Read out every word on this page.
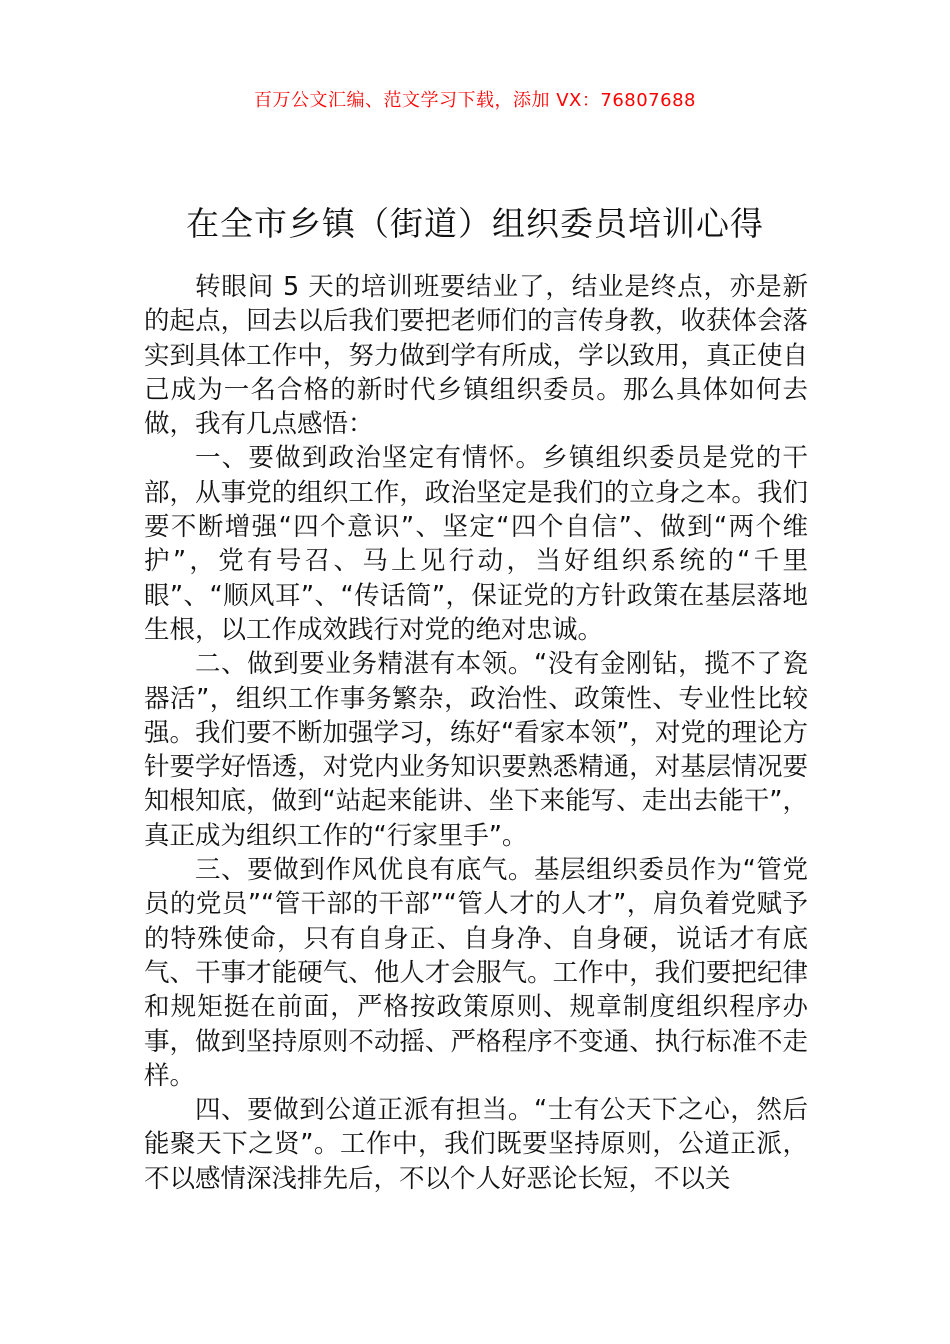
百万公文汇编、范文学习下载，添加 VX：76807688
在全市乡镇（街道）组织委员培训心得

转眼间 5 天的培训班要结业了，结业是终点，亦是新的起点，回去以后我们要把老师们的言传身教，收获体会落实到具体工作中，努力做到学有所成，学以致用，真正使自己成为一名合格的新时代乡镇组织委员。那么具体如何去做，我有几点感悟：

一、要做到政治坚定有情怀。乡镇组织委员是党的干部，从事党的组织工作，政治坚定是我们的立身之本。我们要不断增强“四个意识”、坚定“四个自信”、做到“两个维护”，党有号召、马上见行动，当好组织系统的“千里眼”、“顺风耳”、“传话筒”，保证党的方针政策在基层落地生根，以工作成效践行对党的绝对忠诚。

二、做到要业务精湛有本领。“没有金刚钻，揽不了瓷器活”，组织工作事务繁杂，政治性、政策性、专业性比较强。我们要不断加强学习，练好“看家本领”，对党的理论方针要学好悟透，对党内业务知识要熟悉精通，对基层情况要知根知底，做到“站起来能讲、坐下来能写、走出去能干”，真正成为组织工作的“行家里手”。

三、要做到作风优良有底气。基层组织委员作为“管党员的党员”“管干部的干部”“管人才的人才”，肩负着党赋予的特殊使命，只有自身正、自身净、自身硬，说话才有底气、干事才能硬气、他人才会服气。工作中，我们要把纪律和规矩挺在前面，严格按政策原则、规章制度组织程序办事，做到坚持原则不动摇、严格程序不变通、执行标准不走样。

四、要做到公道正派有担当。“士有公天下之心，然后能聚天下之贤”。工作中，我们既要坚持原则，公道正派，不以感情深浅排先后，不以个人好恶论长短，不以关
